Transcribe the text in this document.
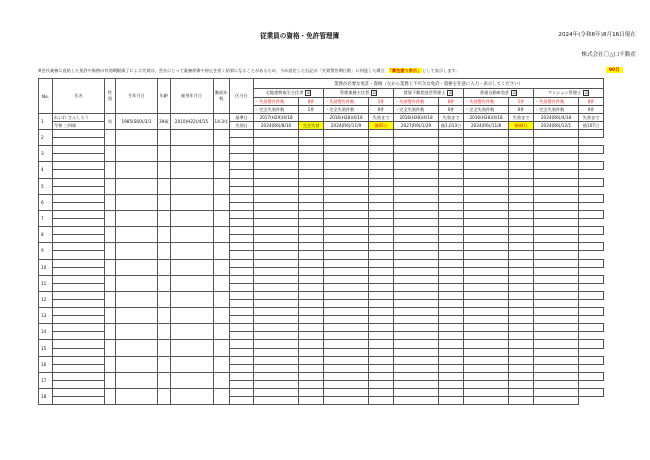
従業員の資格・免許管理簿	2024年(令和6年)8月16日現在
株式会社〇△口不動産
※会社業務に直結した免許や資格の有効期限満了による失効は、会社にとって業務停滞や停止を招く結果になることがあるため、予め設定した右記の「失効警告期日数」に到達した場合、「黄色塗り表示」として表示します。	90日
No.	氏名	性別	生年月日	年齢	雇用年月日	勤続年数	区分日	業務が必要な免許・資格（左から業務上不可欠な免許・資格を任意に入力・表示してください）									
								宅地建物取引主任者 ☑		管理業務主任者 ☑		賃貸不動産経営管理士 ☑		普通自動車免許 ☑		マンション管理士 ☑	
								・失効警告件数	0件	・失効警告件数	1件	・失効警告件数	0件	・失効警告件数	1件	・失効警告件数	0件
								・完全失効件数	1件	・完全失効件数	0件	・完全失効件数	0件	・完全失効件数	0件	・完全失効件数	0件
1	れいわ さんしろう	男	1985(S60)/3/1	39歳	2010(H22)/4/15	14.3年	基準日	2017(H29)/4/18		2016(H28)/4/18	失効まで	2016(H28)/4/18	失効まで	2016(H28)/4/18	失効まで	2024(R6)/4/18	失効まで
	令和 三四郎						失効日	2024(R6)/8/10	完全失効	2024(R6)/11/9	後85日	2027(R9)/1/29	後1,013日	2024(R6)/11/8	後84日	2024(R6)/12/1	後107日
2																	

3																	

4																	

5																	

6																	

7																	

8																	

9																	

10																	

11																	

12																	

13																	

14																	

15																	

16																	

17																	

18																	
